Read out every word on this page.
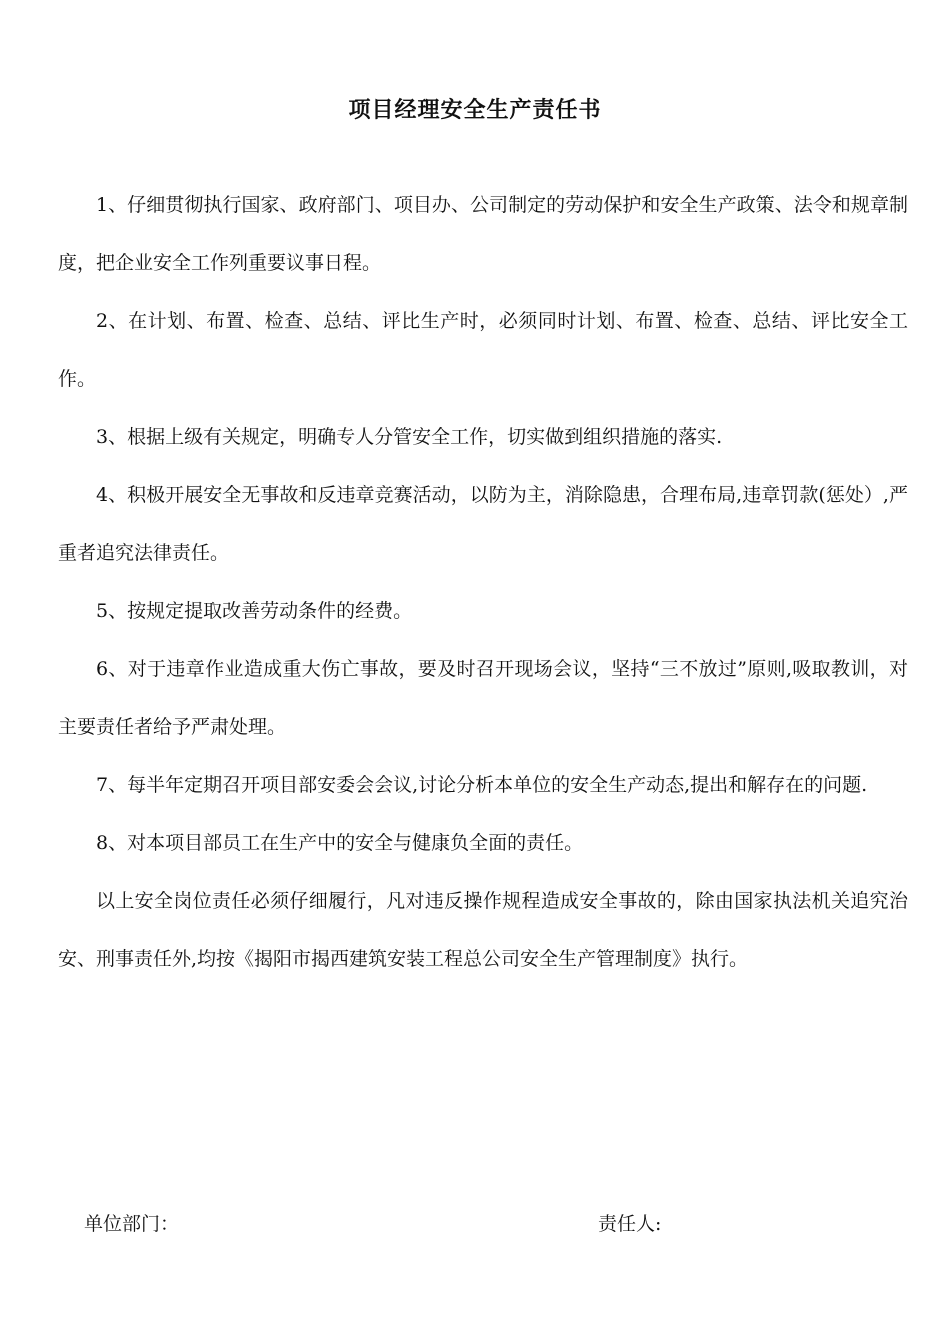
项目经理安全生产责任书

1、仔细贯彻执行国家、政府部门、项目办、公司制定的劳动保护和安全生产政策、法令和规章制度，把企业安全工作列重要议事日程。

2、在计划、布置、检查、总结、评比生产时，必须同时计划、布置、检查、总结、评比安全工作。

3、根据上级有关规定，明确专人分管安全工作，切实做到组织措施的落实.

4、积极开展安全无事故和反违章竞赛活动，以防为主，消除隐患，合理布局,违章罚款(惩处）,严重者追究法律责任。

5、按规定提取改善劳动条件的经费。

6、对于违章作业造成重大伤亡事故，要及时召开现场会议，坚持“三不放过”原则,吸取教训，对主要责任者给予严肃处理。

7、每半年定期召开项目部安委会会议,讨论分析本单位的安全生产动态,提出和解存在的问题.

8、对本项目部员工在生产中的安全与健康负全面的责任。

以上安全岗位责任必须仔细履行，凡对违反操作规程造成安全事故的，除由国家执法机关追究治安、刑事责任外,均按《揭阳市揭西建筑安装工程总公司安全生产管理制度》执行。

单位部门：	责任人:
